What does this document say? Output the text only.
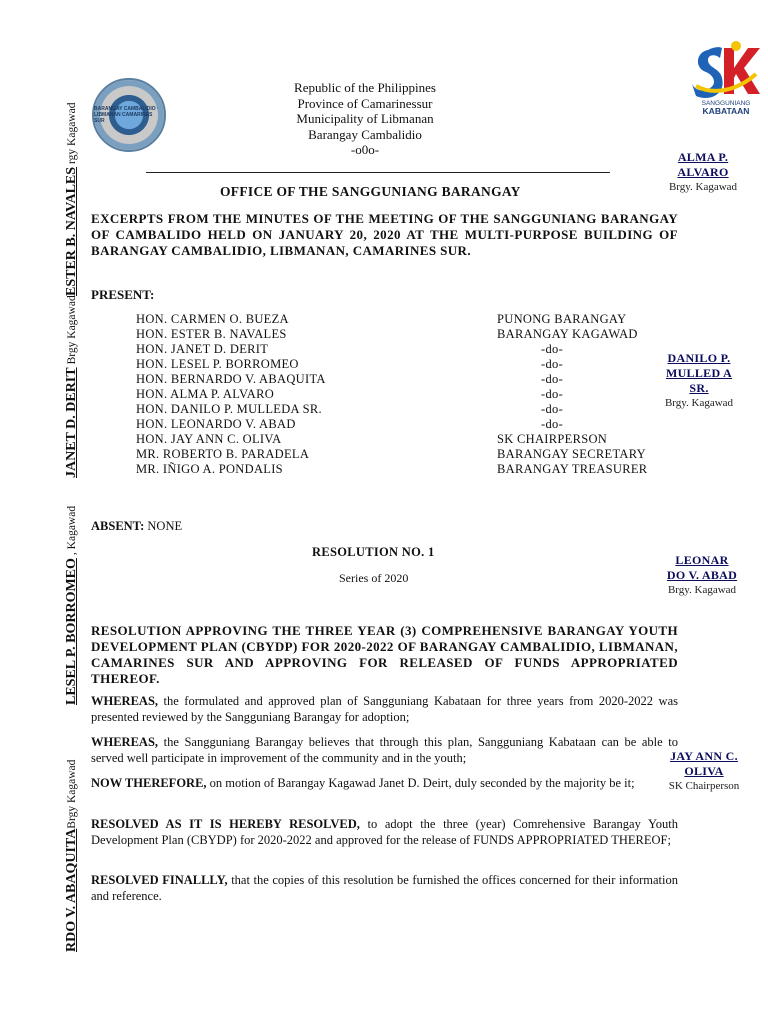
BARANGAY CAMBALIDIO · LIBMANAN CAMARINES SUR
SANGGUNIANG
KABATAAN
Republic of the Philippines
Province of Camarinessur
Municipality of Libmanan
Barangay Cambalidio
-o0o-
OFFICE OF THE SANGGUNIANG BARANGAY
EXCERPTS FROM THE MINUTES OF THE MEETING OF THE SANGGUNIANG BARANGAY OF CAMBALIDO HELD ON JANUARY 20, 2020 AT THE MULTI-PURPOSE BUILDING OF BARANGAY CAMBALIDIO, LIBMANAN, CAMARINES SUR.
PRESENT:
HON. CARMEN O. BUEZA	PUNONG BARANGAY
HON. ESTER B. NAVALES	BARANGAY KAGAWAD
HON. JANET D. DERIT	-do-
HON. LESEL P. BORROMEO	-do-
HON. BERNARDO V. ABAQUITA	-do-
HON. ALMA P. ALVARO	-do-
HON. DANILO P. MULLEDA SR.	-do-
HON. LEONARDO V. ABAD	-do-
HON. JAY ANN C. OLIVA	SK CHAIRPERSON
MR. ROBERTO B. PARADELA	BARANGAY SECRETARY
MR. IÑIGO A. PONDALIS	BARANGAY TREASURER
ABSENT: NONE
RESOLUTION NO. 1
Series of 2020
RESOLUTION APPROVING THE THREE YEAR (3) COMPREHENSIVE BARANGAY YOUTH DEVELOPMENT PLAN (CBYDP) FOR 2020-2022 OF BARANGAY CAMBALIDIO, LIBMANAN, CAMARINES SUR AND APPROVING FOR RELEASED OF FUNDS APPROPRIATED THEREOF.
WHEREAS, the formulated and approved plan of Sangguniang Kabataan for three years from 2020-2022 was presented reviewed by the Sangguniang Barangay for adoption;
WHEREAS, the Sangguniang Barangay believes that through this plan, Sangguniang Kabataan can be able to served well participate in improvement of the community and in the youth;
NOW THEREFORE, on motion of Barangay Kagawad Janet D. Deirt, duly seconded by the majority be it;
RESOLVED AS IT IS HEREBY RESOLVED, to adopt the three (year) Comrehensive Barangay Youth Development Plan (CBYDP) for 2020-2022 and approved for the release of FUNDS APPROPRIATED THEREOF;
RESOLVED FINALLLY, that the copies of this resolution be furnished the offices concerned for their information and reference.
ALMA P. ALVARO
Brgy. Kagawad
DANILO P. MULLED A SR.
Brgy. Kagawad
LEONAR DO V. ABAD
Brgy. Kagawad
JAY ANN C. OLIVA
SK Chairperson
ESTER B. NAVALES rgy Kagawad
JANET D. DERIT Brgy Kagawad
LESEL P. BORROMEO , Kagawad
RDO V. ABAQUITABrgy Kagawad
